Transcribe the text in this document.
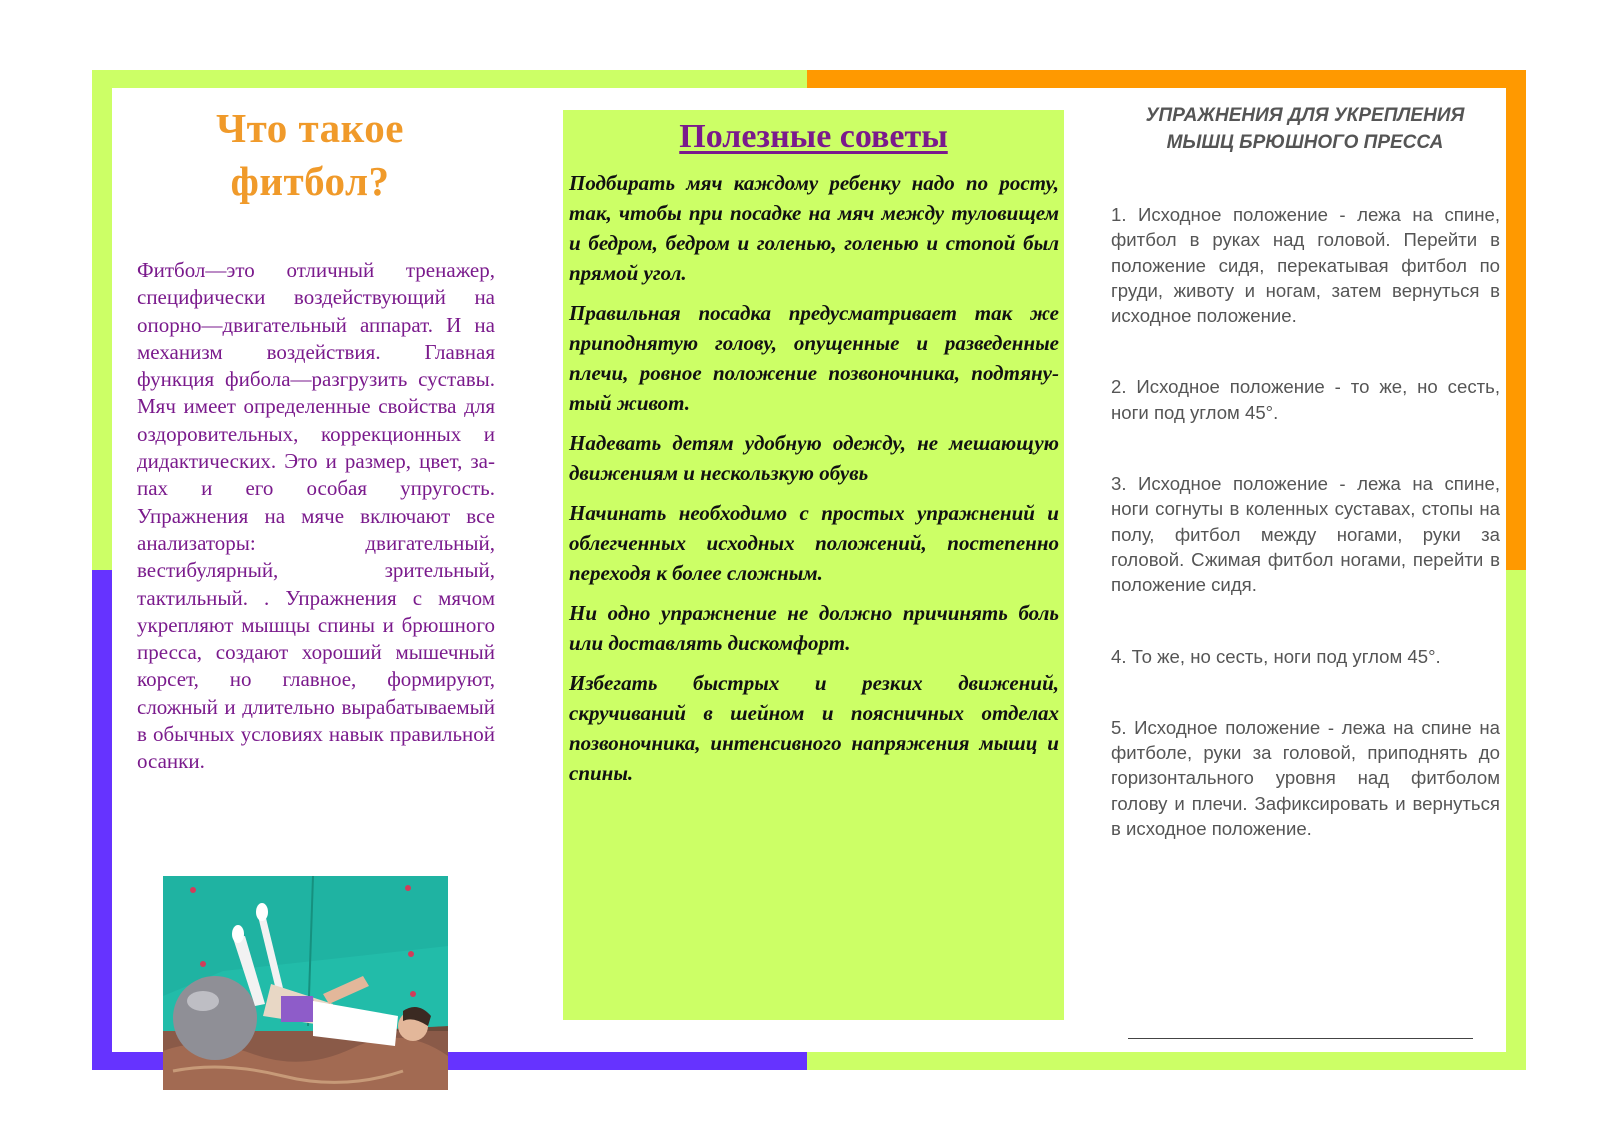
Что такое фитбол?
Фитбол—это отличный тренажер, специфически воздействующий на опорно—двигательный аппарат. И на механизм воздействия. Главная функция фибола—разгрузить суставы. Мяч имеет определенные свойства для оздоровительных, коррекционных и дидактических. Это и размер, цвет, запах и его особая упругость. Упражнения на мяче включают все анализаторы: двигательный, вестибулярный, зрительный, тактильный. . Упражнения с мячом укрепляют мышцы спины и брюшного пресса, создают хороший мышечный корсет, но главное, формируют, сложный и длительно вырабатываемый в обычных условиях навык правильной осанки.
Полезные советы

Подбирать мяч каждому ребенку надо по росту, так, чтобы при посадке на мяч между туловищем и бедром, бедром и голенью, голенью и стопой был прямой угол.

Правильная посадка предусматривает так же приподнятую голову, опущенные и разведенные плечи, ровное положение позвоночника, подтянутый живот.

Надевать детям удобную одежду, не мешающую движениям и нескользкую обувь

Начинать необходимо с простых упражнений и облегченных исходных положений, постепенно переходя к более сложным.

Ни одно упражнение не должно причинять боль или доставлять дискомфорт.

Избегать быстрых и резких движений, скручиваний в шейном и поясничных отделах позвоночника, интенсивного напряжения мышц и спины.

УПРАЖНЕНИЯ ДЛЯ УКРЕПЛЕНИЯ МЫШЦ БРЮШНОГО ПРЕССА

1. Исходное положение - лежа на спине, фитбол в руках над головой. Перейти в положение сидя, перекатывая фитбол по груди, животу и ногам, затем вернуться в исходное положение.

2. Исходное положение - то же, но сесть, ноги под углом 45°.

3. Исходное положение - лежа на спине, ноги согнуты в коленных суставах, стопы на полу, фитбол между ногами, руки за головой. Сжимая фитбол ногами, перейти в положение сидя.

4. То же, но сесть, ноги под углом 45°.

5. Исходное положение - лежа на спине на фитболе, руки за головой, приподнять до горизонтального уровня над фитболом голову и плечи. Зафиксировать и вернуться в исходное положение.
